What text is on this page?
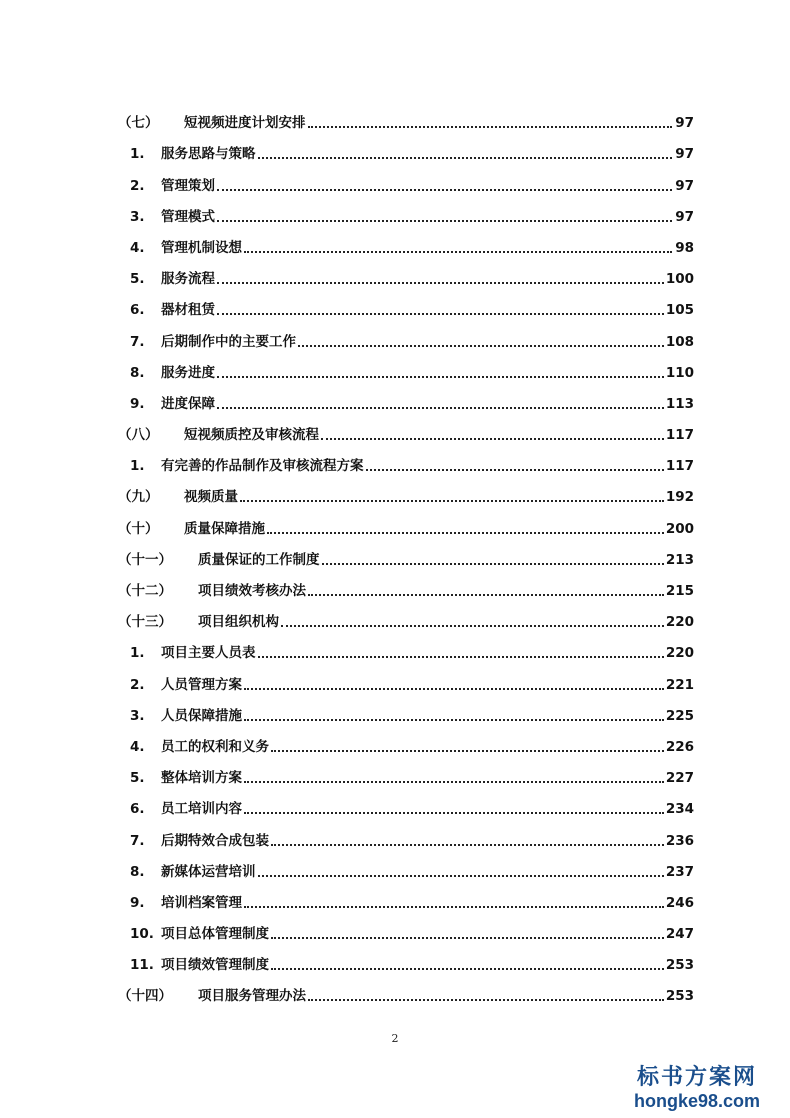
（七）	短视频进度计划安排	97
1.	服务思路与策略	97
2.	管理策划	97
3.	管理模式	97
4.	管理机制设想	98
5.	服务流程	100
6.	器材租赁	105
7.	后期制作中的主要工作	108
8.	服务进度	110
9.	进度保障	113
（八）	短视频质控及审核流程	117
1.	有完善的作品制作及审核流程方案	117
（九）	视频质量	192
（十）	质量保障措施	200
（十一）	质量保证的工作制度	213
（十二）	项目绩效考核办法	215
（十三）	项目组织机构	220
1.	项目主要人员表	220
2.	人员管理方案	221
3.	人员保障措施	225
4.	员工的权利和义务	226
5.	整体培训方案	227
6.	员工培训内容	234
7.	后期特效合成包装	236
8.	新媒体运营培训	237
9.	培训档案管理	246
10. 项目总体管理制度	247
11. 项目绩效管理制度	253
（十四）	项目服务管理办法	253
2
标书方案网
hongke98.com
